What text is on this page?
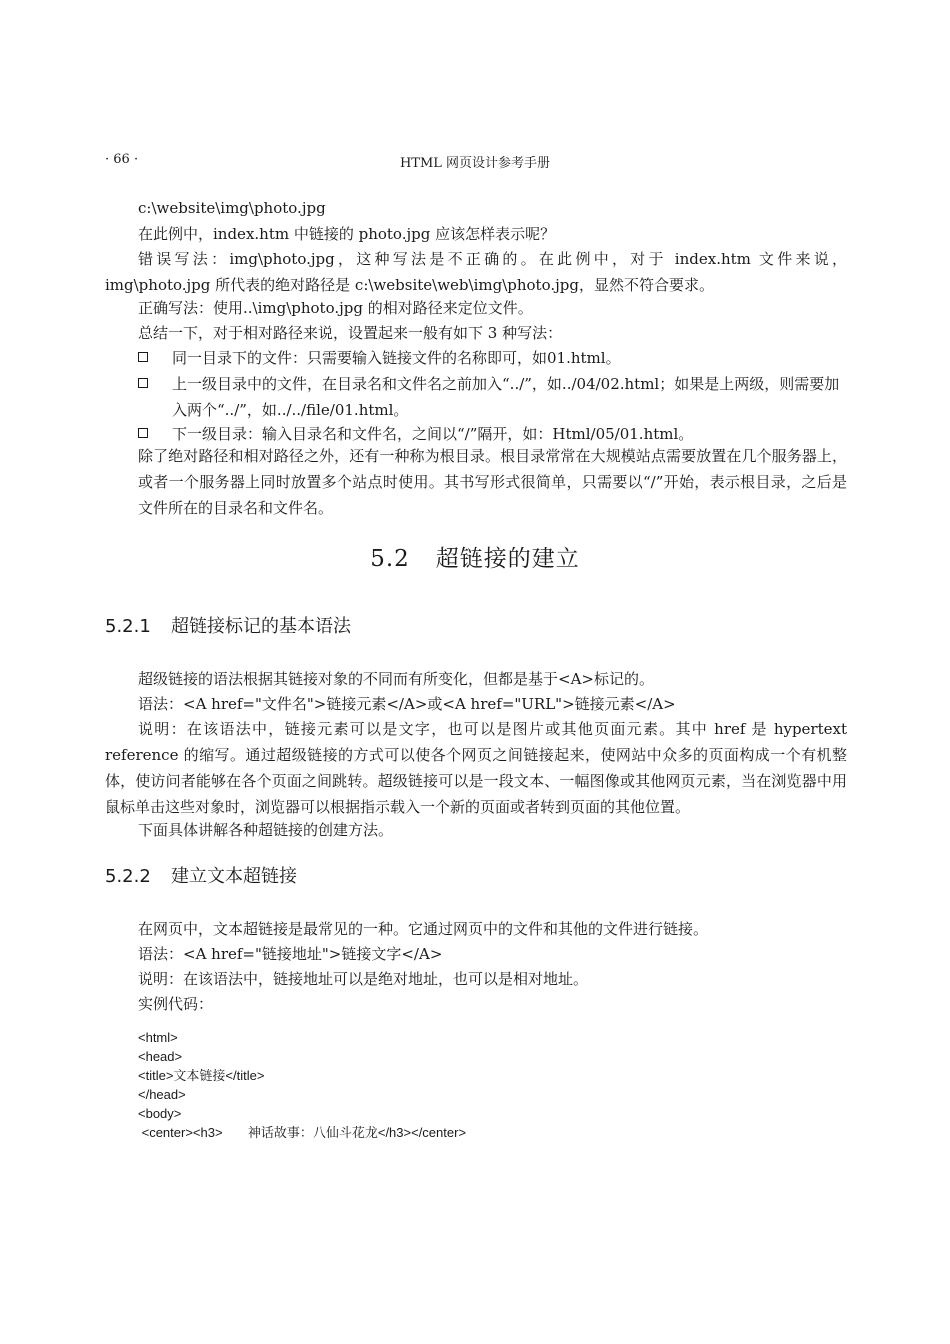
· 66 ·	HTML 网页设计参考手册
c:\website\img\photo.jpg
在此例中，index.htm 中链接的 photo.jpg 应该怎样表示呢？
错误写法：img\photo.jpg，这种写法是不正确的。在此例中，对于 index.htm 文件来说，img\photo.jpg 所代表的绝对路径是 c:\website\web\img\photo.jpg，显然不符合要求。
正确写法：使用..\img\photo.jpg 的相对路径来定位文件。
总结一下，对于相对路径来说，设置起来一般有如下 3 种写法：
同一目录下的文件：只需要输入链接文件的名称即可，如01.html。
上一级目录中的文件，在目录名和文件名之前加入“../”，如../04/02.html；如果是上两级，则需要加入两个“../”，如../../file/01.html。
下一级目录：输入目录名和文件名，之间以“/”隔开，如：Html/05/01.html。
除了绝对路径和相对路径之外，还有一种称为根目录。根目录常常在大规模站点需要放置在几个服务器上，或者一个服务器上同时放置多个站点时使用。其书写形式很简单，只需要以“/”开始，表示根目录，之后是文件所在的目录名和文件名。
5.2 超链接的建立
5.2.1 超链接标记的基本语法
超级链接的语法根据其链接对象的不同而有所变化，但都是基于<A>标记的。
语法：<A href="文件名">链接元素</A>或<A href="URL">链接元素</A>
说明：在该语法中，链接元素可以是文字，也可以是图片或其他页面元素。其中 href 是 hypertext reference 的缩写。通过超级链接的方式可以使各个网页之间链接起来，使网站中众多的页面构成一个有机整体，使访问者能够在各个页面之间跳转。超级链接可以是一段文本、一幅图像或其他网页元素，当在浏览器中用鼠标单击这些对象时，浏览器可以根据指示载入一个新的页面或者转到页面的其他位置。
下面具体讲解各种超链接的创建方法。
5.2.2 建立文本超链接
在网页中，文本超链接是最常见的一种。它通过网页中的文件和其他的文件进行链接。
语法：<A href="链接地址">链接文字</A>
说明：在该语法中，链接地址可以是绝对地址，也可以是相对地址。
实例代码：
<html>
<head>
<title>文本链接</title>
</head>
<body>
<center><h3>       神话故事：八仙斗花龙</h3></center>
